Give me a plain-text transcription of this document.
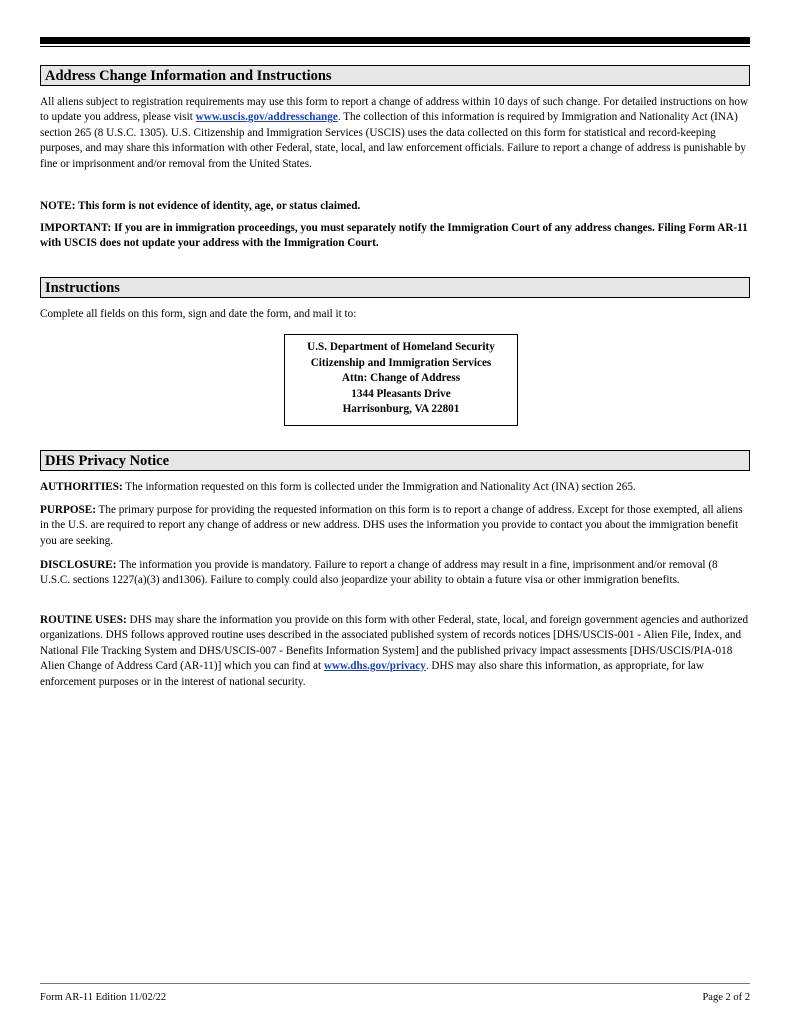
Address Change Information and Instructions

All aliens subject to registration requirements may use this form to report a change of address within 10 days of such change. For detailed instructions on how to update you address, please visit www.uscis.gov/addresschange. The collection of this information is required by Immigration and Nationality Act (INA) section 265 (8 U.S.C. 1305). U.S. Citizenship and Immigration Services (USCIS) uses the data collected on this form for statistical and record-keeping purposes, and may share this information with other Federal, state, local, and law enforcement officials. Failure to report a change of address is punishable by fine or imprisonment and/or removal from the United States.

NOTE: This form is not evidence of identity, age, or status claimed.

IMPORTANT: If you are in immigration proceedings, you must separately notify the Immigration Court of any address changes. Filing Form AR-11 with USCIS does not update your address with the Immigration Court.

Instructions

Complete all fields on this form, sign and date the form, and mail it to:

U.S. Department of Homeland Security
Citizenship and Immigration Services
Attn: Change of Address
1344 Pleasants Drive
Harrisonburg, VA 22801
DHS Privacy Notice

AUTHORITIES: The information requested on this form is collected under the Immigration and Nationality Act (INA) section 265.

PURPOSE: The primary purpose for providing the requested information on this form is to report a change of address. Except for those exempted, all aliens in the U.S. are required to report any change of address or new address. DHS uses the information you provide to contact you about the immigration benefit you are seeking.

DISCLOSURE: The information you provide is mandatory. Failure to report a change of address may result in a fine, imprisonment and/or removal (8 U.S.C. sections 1227(a)(3) and1306). Failure to comply could also jeopardize your ability to obtain a future visa or other immigration benefits.

ROUTINE USES: DHS may share the information you provide on this form with other Federal, state, local, and foreign government agencies and authorized organizations. DHS follows approved routine uses described in the associated published system of records notices [DHS/USCIS-001 - Alien File, Index, and National File Tracking System and DHS/USCIS-007 - Benefits Information System] and the published privacy impact assessments [DHS/USCIS/PIA-018 Alien Change of Address Card (AR-11)] which you can find at www.dhs.gov/privacy. DHS may also share this information, as appropriate, for law enforcement purposes or in the interest of national security.

Form AR-11 Edition 11/02/22	Page 2 of 2
